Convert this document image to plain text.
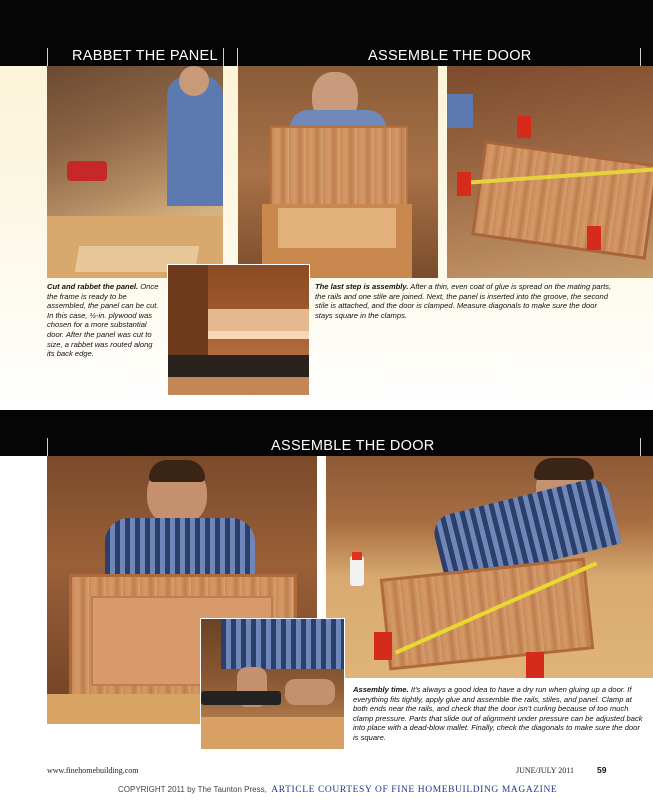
RABBET THE PANEL	ASSEMBLE THE DOOR
Cut and rabbet the panel. Once the frame is ready to be assembled, the panel can be cut. In this case, ½-in. plywood was chosen for a more substantial door. After the panel was cut to size, a rabbet was routed along its back edge.
The last step is assembly. After a thin, even coat of glue is spread on the mating parts, the rails and one stile are joined. Next, the panel is inserted into the groove, the second stile is attached, and the door is clamped. Measure diagonals to make sure the door stays square in the clamps.
ASSEMBLE THE DOOR
Assembly time. It's always a good idea to have a dry run when gluing up a door. If everything fits tightly, apply glue and assemble the rails, stiles, and panel. Clamp at both ends near the rails, and check that the door isn't curling because of too much clamp pressure. Parts that slide out of alignment under pressure can be adjusted back into place with a dead-blow mallet. Finally, check the diagonals to make sure the door is square.
www.finehomebuilding.com	JUNE/JULY 2011	59
COPYRIGHT 2011 by The Taunton Press, ARTICLE COURTESY OF FINE HOMEBUILDING MAGAZINE
